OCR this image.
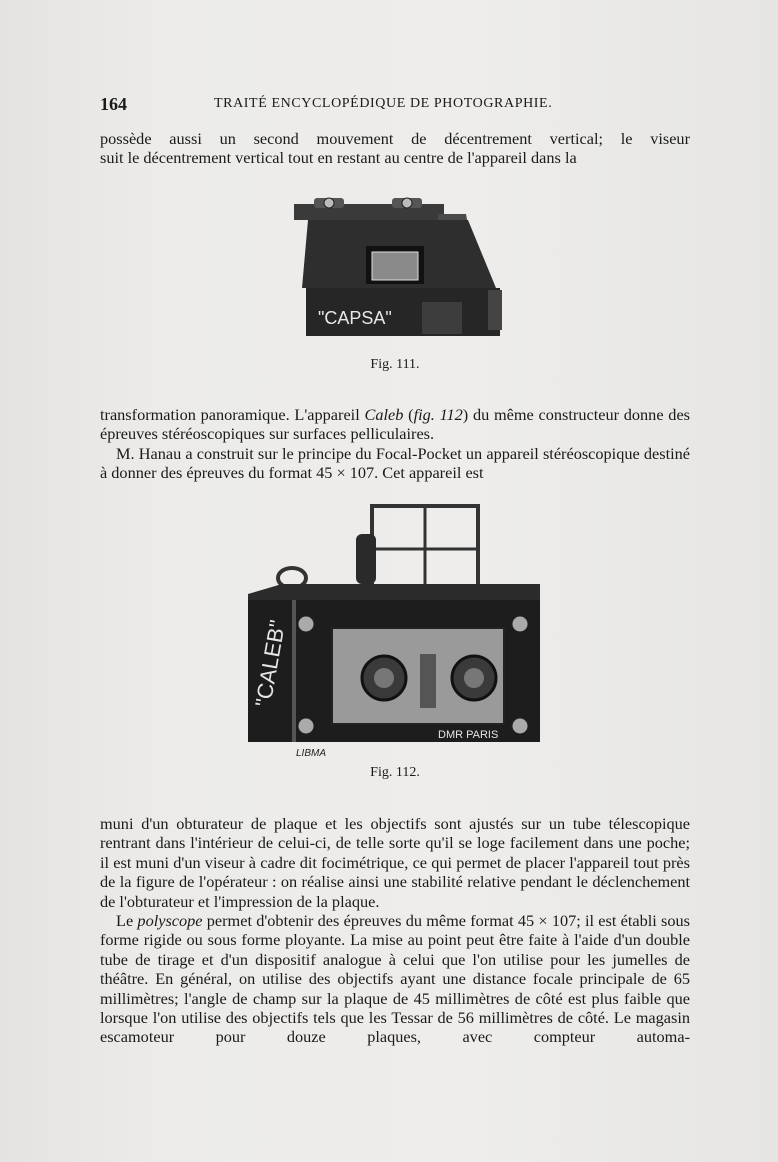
164	TRAITÉ ENCYCLOPÉDIQUE DE PHOTOGRAPHIE.

possède aussi un second mouvement de décentrement vertical; le viseur

suit le décentrement vertical tout en restant au centre de l'appareil dans la

"CAPSA"
Fig. 111.

transformation panoramique. L'appareil Caleb (fig. 112) du même constructeur donne des épreuves stéréoscopiques sur surfaces pelliculaires.

M. Hanau a construit sur le principe du Focal-Pocket un appareil stéréoscopique destiné à donner des épreuves du format 45 × 107. Cet appareil est

"CALEB"
DMR PARIS
LIBMA
Fig. 112.

muni d'un obturateur de plaque et les objectifs sont ajustés sur un tube télescopique rentrant dans l'intérieur de celui-ci, de telle sorte qu'il se loge facilement dans une poche; il est muni d'un viseur à cadre dit focimétrique, ce qui permet de placer l'appareil tout près de la figure de l'opérateur : on réalise ainsi une stabilité relative pendant le déclenchement de l'obturateur et l'impression de la plaque.

Le polyscope permet d'obtenir des épreuves du même format 45 × 107; il est établi sous forme rigide ou sous forme ployante. La mise au point peut être faite à l'aide d'un double tube de tirage et d'un dispositif analogue à celui que l'on utilise pour les jumelles de théâtre. En général, on utilise des objectifs ayant une distance focale principale de 65 millimètres; l'angle de champ sur la plaque de 45 millimètres de côté est plus faible que lorsque l'on utilise des objectifs tels que les Tessar de 56 millimètres de côté. Le magasin escamoteur pour douze plaques, avec compteur automa-
